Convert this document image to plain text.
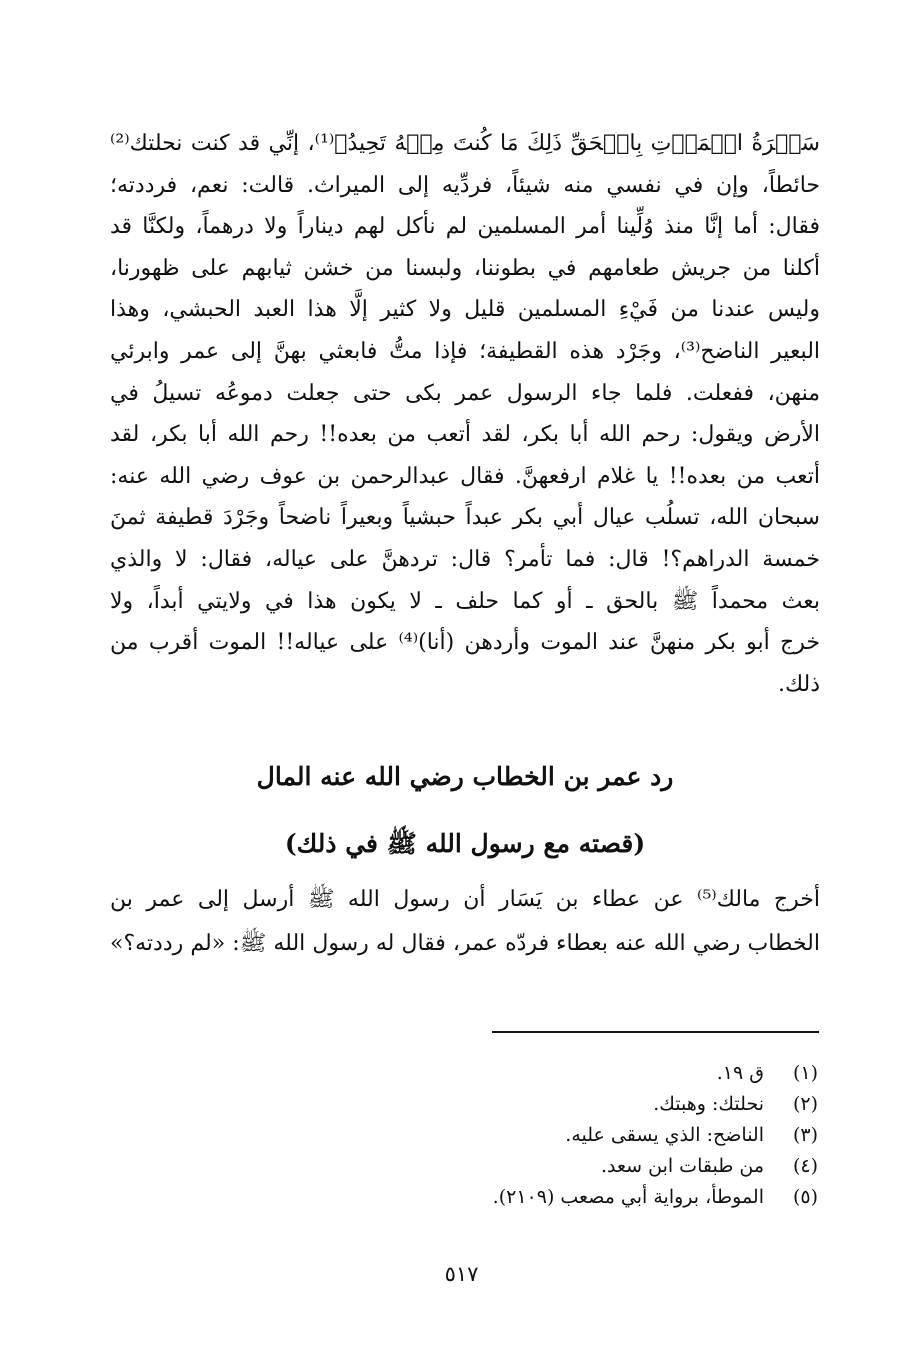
سَكۡرَةُ الۡمَوۡتِ بِالۡحَقِّ ذَلِكَ مَا كُنتَ مِنۡهُ تَحِيدُ﴾⁽¹⁾، إنِّي قد كنت نحلتك⁽²⁾
حائطاً، وإن في نفسي منه شيئاً، فردِّيه إلى الميراث. قالت: نعم، فرددته؛
فقال: أما إنَّا منذ وُلِّينا أمر المسلمين لم نأكل لهم ديناراً ولا درهماً، ولكنَّا قد
أكلنا من جريش طعامهم في بطوننا، ولبسنا من خشن ثيابهم على ظهورنا،
وليس عندنا من فَيْءِ المسلمين قليل ولا كثير إلَّا هذا العبد الحبشي، وهذا
البعير الناضح⁽³⁾، وجَرْد هذه القطيفة؛ فإذا متُّ فابعثي بهنَّ إلى عمر وابرئي
منهن، ففعلت. فلما جاء الرسول عمر بكى حتى جعلت دموعُه تسيلُ في
الأرض ويقول: رحم الله أبا بكر، لقد أتعب من بعده!! رحم الله أبا بكر، لقد
أتعب من بعده!! يا غلام ارفعهنَّ. فقال عبدالرحمن بن عوف رضي الله عنه:
سبحان الله، تسلُب عيال أبي بكر عبداً حبشياً وبعيراً ناضحاً وجَرْدَ قطيفة ثمنَ
خمسة الدراهم؟! قال: فما تأمر؟ قال: تردهنَّ على عياله، فقال: لا والذي
بعث محمداً ﷺ بالحق ـ أو كما حلف ـ لا يكون هذا في ولايتي أبداً، ولا
خرج أبو بكر منهنَّ عند الموت وأردهن (أنا)⁽⁴⁾ على عياله!! الموت أقرب من
ذلك.
رد عمر بن الخطاب رضي الله عنه المال
(قصته مع رسول الله ﷺ في ذلك)
أخرج مالك⁽⁵⁾ عن عطاء بن يَسَار أن رسول الله ﷺ أرسل إلى عمر بن
الخطاب رضي الله عنه بعطاء فردّه عمر، فقال له رسول الله ﷺ: «لم رددته؟»
(١)ق ١٩.
(٢)نحلتك: وهبتك.
(٣)الناضح: الذي يسقى عليه.
(٤)من طبقات ابن سعد.
(٥)الموطأ، برواية أبي مصعب (٢١٠٩).
٥١٧
